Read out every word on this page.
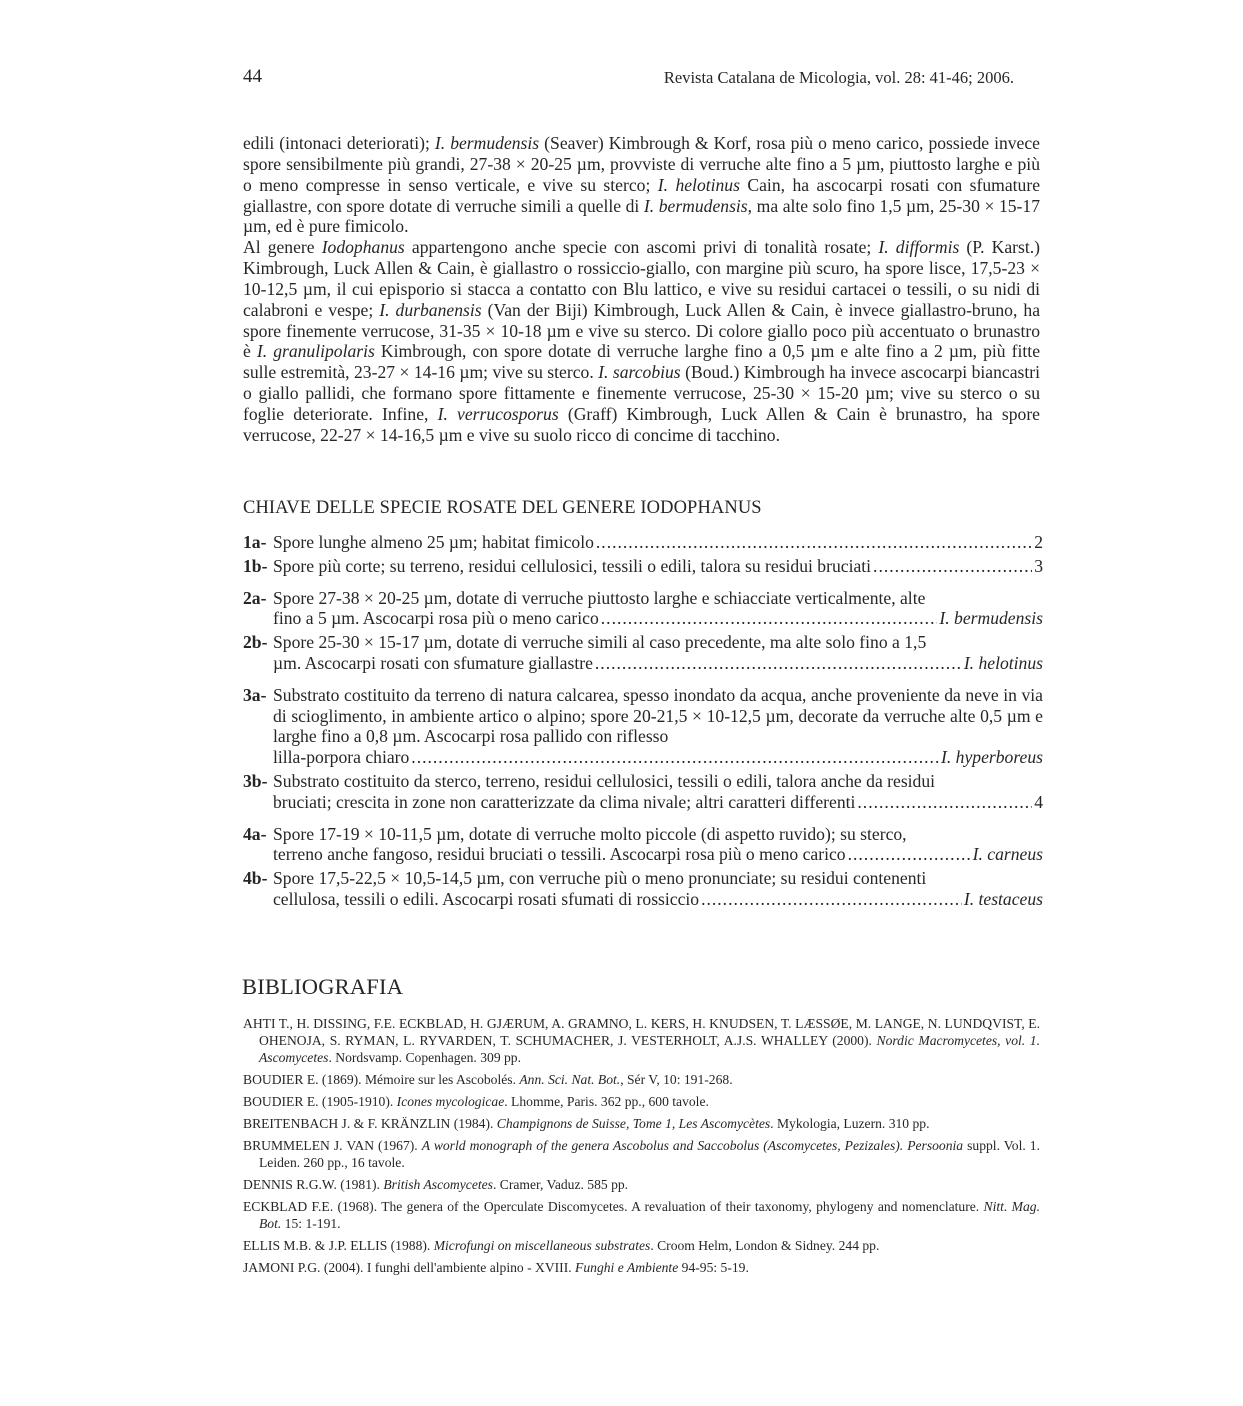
44	Revista Catalana de Micologia, vol. 28: 41-46; 2006.

edili (intonaci deteriorati); I. bermudensis (Seaver) Kimbrough & Korf, rosa più o meno carico, possiede invece spore sensibilmente più grandi, 27-38 × 20-25 µm, provviste di verruche alte fino a 5 µm, piuttosto larghe e più o meno compresse in senso verticale, e vive su sterco; I. helotinus Cain, ha ascocarpi rosati con sfumature giallastre, con spore dotate di verruche simili a quelle di I. bermudensis, ma alte solo fino 1,5 µm, 25-30 × 15-17 µm, ed è pure fimicolo.

Al genere Iodophanus appartengono anche specie con ascomi privi di tonalità rosate; I. difformis (P. Karst.) Kimbrough, Luck Allen & Cain, è giallastro o rossiccio-giallo, con margine più scuro, ha spore lisce, 17,5-23 × 10-12,5 µm, il cui episporio si stacca a contatto con Blu lattico, e vive su residui cartacei o tessili, o su nidi di calabroni e vespe; I. durbanensis (Van der Biji) Kimbrough, Luck Allen & Cain, è invece giallastro-bruno, ha spore finemente verrucose, 31-35 × 10-18 µm e vive su sterco. Di colore giallo poco più accentuato o brunastro è I. granulipolaris Kimbrough, con spore dotate di verruche larghe fino a 0,5 µm e alte fino a 2 µm, più fitte sulle estremità, 23-27 × 14-16 µm; vive su sterco. I. sarcobius (Boud.) Kimbrough ha invece ascocarpi biancastri o giallo pallidi, che formano spore fittamente e finemente verrucose, 25-30 × 15-20 µm; vive su sterco o su foglie deteriorate. Infine, I. verrucosporus (Graff) Kimbrough, Luck Allen & Cain è brunastro, ha spore verrucose, 22-27 × 14-16,5 µm e vive su suolo ricco di concime di tacchino.

CHIAVE DELLE SPECIE ROSATE DEL GENERE IODOPHANUS
1a- Spore lunghe almeno 25 µm; habitat fimicolo .....	2
1b- Spore più corte; su terreno, residui cellulosici, tessili o edili, talora su residui bruciati .....	3
2a- Spore 27-38 × 20-25 µm, dotate di verruche piuttosto larghe e schiacciate verticalmente, alte
fino a 5 µm. Ascocarpi rosa più o meno carico .....	I. bermudensis
2b- Spore 25-30 × 15-17 µm, dotate di verruche simili al caso precedente, ma alte solo fino a 1,5
µm. Ascocarpi rosati con sfumature giallastre .....	I. helotinus
3a- Substrato costituito da terreno di natura calcarea, spesso inondato da acqua, anche proveniente da neve in via di scioglimento, in ambiente artico o alpino; spore 20-21,5 × 10-12,5 µm, decorate da verruche alte 0,5 µm e larghe fino a 0,8 µm. Ascocarpi rosa pallido con riflesso
lilla-porpora chiaro .....	I. hyperboreus
3b- Substrato costituito da sterco, terreno, residui cellulosici, tessili o edili, talora anche da residui
bruciati; crescita in zone non caratterizzate da clima nivale; altri caratteri differenti .....	4
4a- Spore 17-19 × 10-11,5 µm, dotate di verruche molto piccole (di aspetto ruvido); su sterco,
terreno anche fangoso, residui bruciati o tessili. Ascocarpi rosa più o meno carico .....	I. carneus
4b- Spore 17,5-22,5 × 10,5-14,5 µm, con verruche più o meno pronunciate; su residui contenenti
cellulosa, tessili o edili. Ascocarpi rosati sfumati di rossiccio .....	I. testaceus
BIBLIOGRAFIA

AHTI T., H. DISSING, F.E. ECKBLAD, H. GJÆRUM, A. GRAMNO, L. KERS, H. KNUDSEN, T. LÆSSØE, M. LANGE, N. LUNDQVIST, E. OHENOJA, S. RYMAN, L. RYVARDEN, T. SCHUMACHER, J. VESTERHOLT, A.J.S. WHALLEY (2000). Nordic Macromycetes, vol. 1. Ascomycetes. Nordsvamp. Copenhagen. 309 pp.

BOUDIER E. (1869). Mémoire sur les Ascobolés. Ann. Sci. Nat. Bot., Sér V, 10: 191-268.

BOUDIER E. (1905-1910). Icones mycologicae. Lhomme, Paris. 362 pp., 600 tavole.

BREITENBACH J. & F. KRÄNZLIN (1984). Champignons de Suisse, Tome 1, Les Ascomycètes. Mykologia, Luzern. 310 pp.

BRUMMELEN J. VAN (1967). A world monograph of the genera Ascobolus and Saccobolus (Ascomycetes, Pezizales). Persoonia suppl. Vol. 1. Leiden. 260 pp., 16 tavole.

DENNIS R.G.W. (1981). British Ascomycetes. Cramer, Vaduz. 585 pp.

ECKBLAD F.E. (1968). The genera of the Operculate Discomycetes. A revaluation of their taxonomy, phylogeny and nomenclature. Nitt. Mag. Bot. 15: 1-191.

ELLIS M.B. & J.P. ELLIS (1988). Microfungi on miscellaneous substrates. Croom Helm, London & Sidney. 244 pp.

JAMONI P.G. (2004). I funghi dell'ambiente alpino - XVIII. Funghi e Ambiente 94-95: 5-19.
